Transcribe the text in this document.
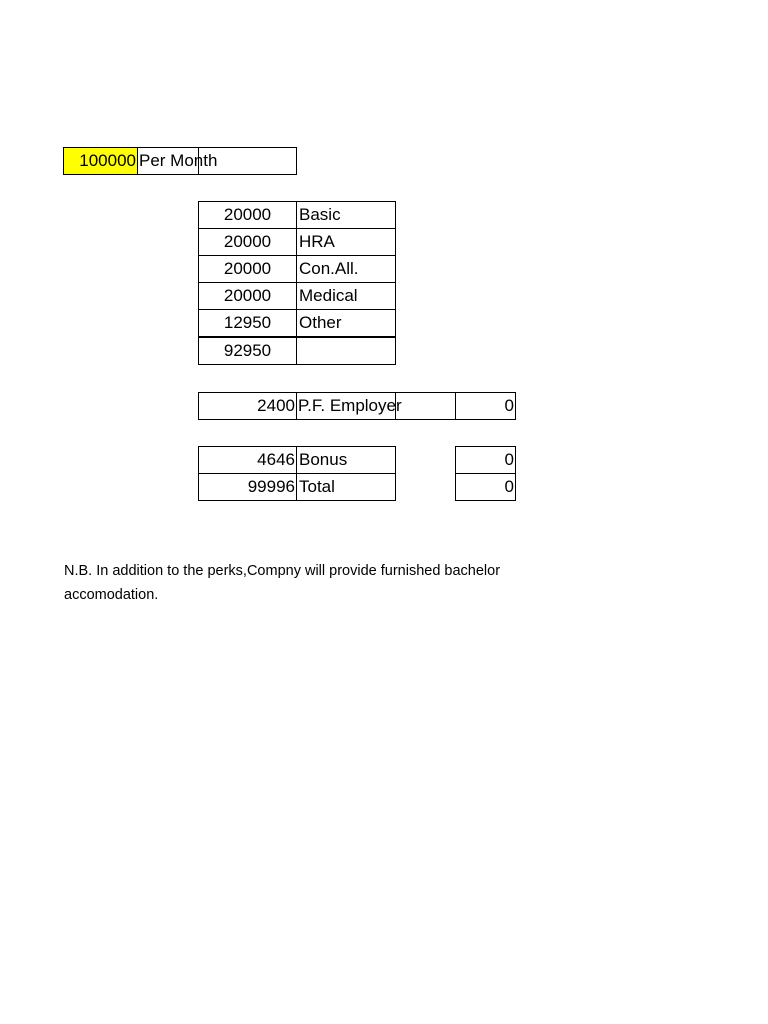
100000 Per Month
20000	Basic
20000	HRA
20000	Con.All.
20000	Medical
12950	Other
92950
2400 P.F. Employer	0
4646 Bonus	0
99996 Total	0
N.B. In addition to the perks,Compny will provide furnished bachelor accomodation.
